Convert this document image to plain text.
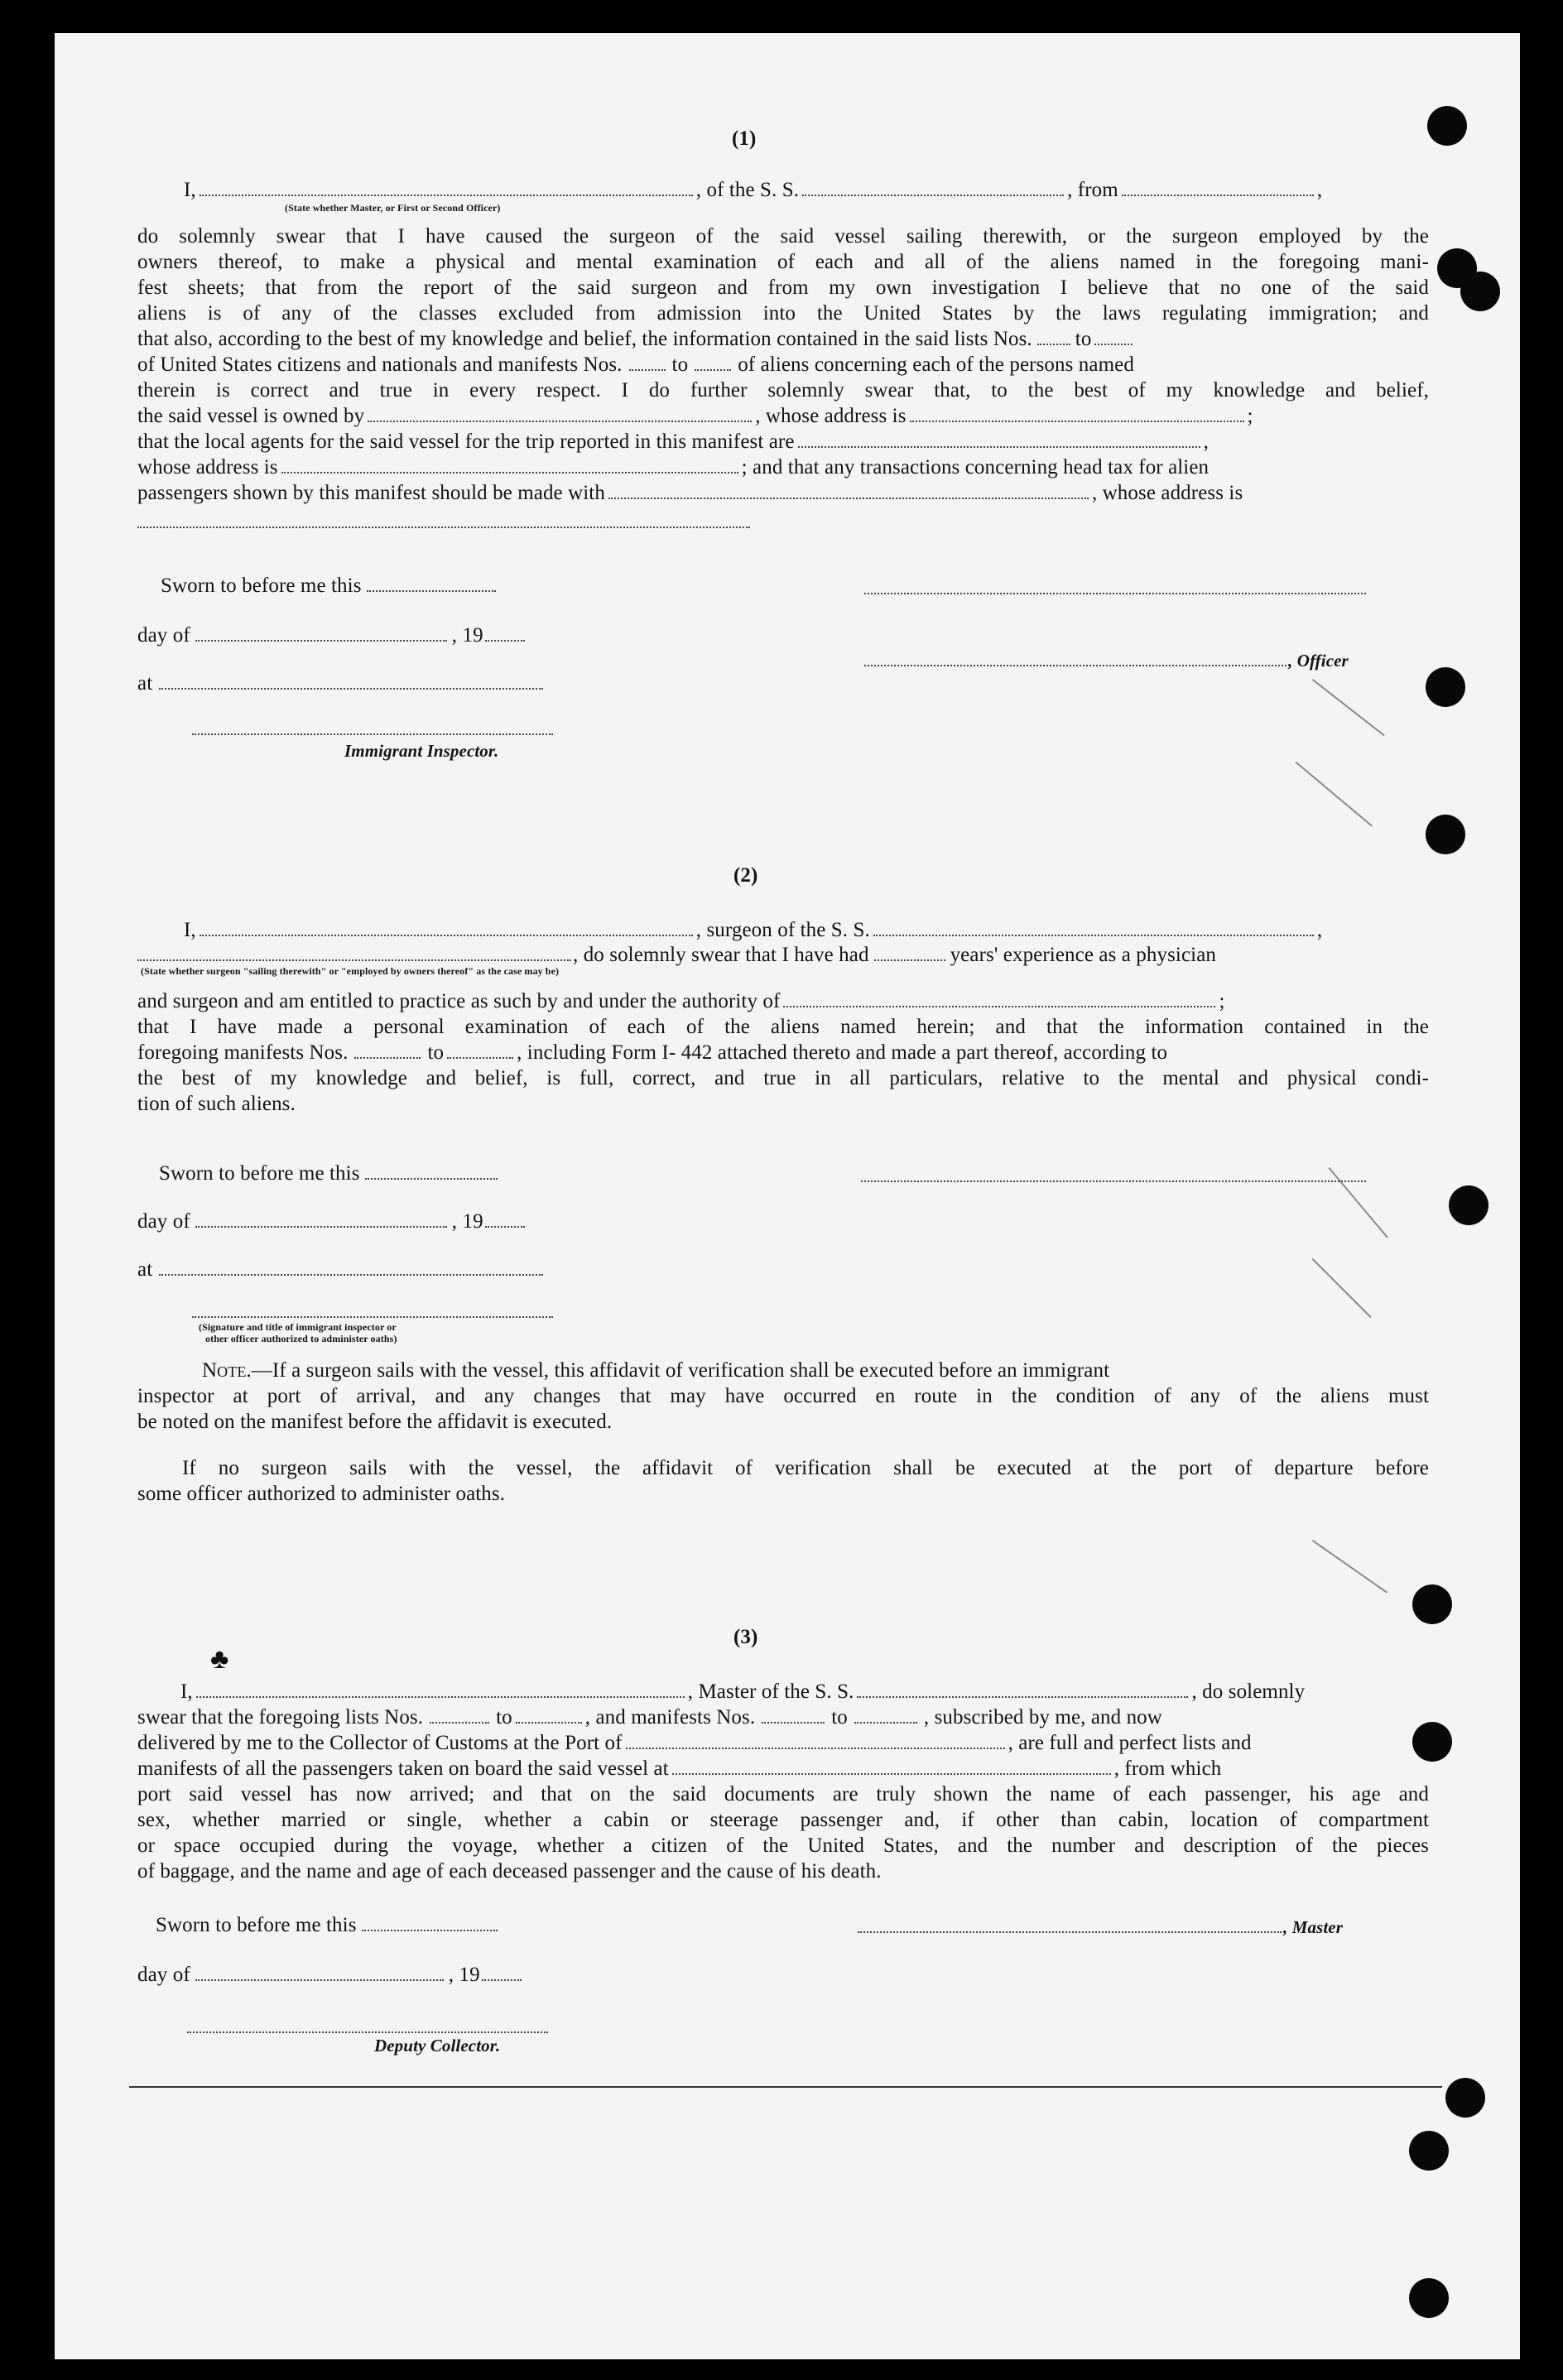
(1)
I,	, of the S. S.	, from	,
(State whether Master, or First or Second Officer)
do solemnly swear that I have caused the surgeon of the said vessel sailing therewith, or the surgeon employed by the
owners thereof, to make a physical and mental examination of each and all of the aliens named in the foregoing mani-
fest sheets; that from the report of the said surgeon and from my own investigation I believe that no one of the said
aliens is of any of the classes excluded from admission into the United States by the laws regulating immigration; and
that also, according to the best of my knowledge and belief, the information contained in the said lists Nos. to
of United States citizens and nationals and manifests Nos. to of aliens concerning each of the persons named
therein is correct and true in every respect. I do further solemnly swear that, to the best of my knowledge and belief,
the said vessel is owned by	, whose address is	;
that the local agents for the said vessel for the trip reported in this manifest are	,
whose address is	; and that any transactions concerning head tax for alien
passengers shown by this manifest should be made with	, whose address is
Sworn to before me this
day of	, 19
, Officer
at
Immigrant Inspector.
(2)
I,	, surgeon of the S. S.	,
, do solemnly swear that I have had	years' experience as a physician
(State whether surgeon "sailing therewith" or "employed by owners thereof" as the case may be)
and surgeon and am entitled to practice as such by and under the authority of	;
that I have made a personal examination of each of the aliens named herein; and that the information contained in the
foregoing manifests Nos.	to	, including Form I- 442 attached thereto and made a part thereof, according to
the best of my knowledge and belief, is full, correct, and true in all particulars, relative to the mental and physical condi-
tion of such aliens.
Sworn to before me this
day of	, 19
at
(Signature and title of immigrant inspector or
other officer authorized to administer oaths)
Note.—If a surgeon sails with the vessel, this affidavit of verification shall be executed before an immigrant
inspector at port of arrival, and any changes that may have occurred en route in the condition of any of the aliens must
be noted on the manifest before the affidavit is executed.
If no surgeon sails with the vessel, the affidavit of verification shall be executed at the port of departure before
some officer authorized to administer oaths.
(3)
♣
I,	, Master of the S. S.	, do solemnly
swear that the foregoing lists Nos.	to	, and manifests Nos.	to	, subscribed by me, and now
delivered by me to the Collector of Customs at the Port of	, are full and perfect lists and
manifests of all the passengers taken on board the said vessel at	, from which
port said vessel has now arrived; and that on the said documents are truly shown the name of each passenger, his age and
sex, whether married or single, whether a cabin or steerage passenger and, if other than cabin, location of compartment
or space occupied during the voyage, whether a citizen of the United States, and the number and description of the pieces
of baggage, and the name and age of each deceased passenger and the cause of his death.
Sworn to before me this	, Master
day of	, 19
Deputy Collector.
